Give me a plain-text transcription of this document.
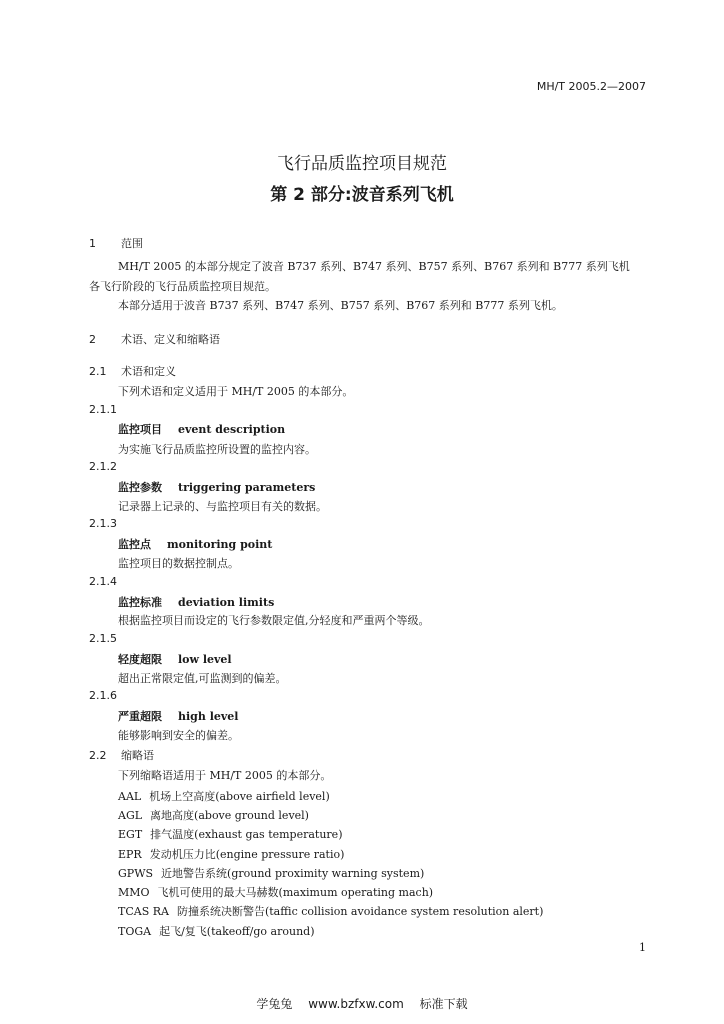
MH/T 2005.2—2007
飞行品质监控项目规范
第 2 部分:波音系列飞机
1 范围
MH/T 2005 的本部分规定了波音 B737 系列、B747 系列、B757 系列、B767 系列和 B777 系列飞机
各飞行阶段的飞行品质监控项目规范。
本部分适用于波音 B737 系列、B747 系列、B757 系列、B767 系列和 B777 系列飞机。
2 术语、定义和缩略语
2.1 术语和定义
下列术语和定义适用于 MH/T 2005 的本部分。
2.1.1
监控项目 event description
为实施飞行品质监控所设置的监控内容。
2.1.2
监控参数 triggering parameters
记录器上记录的、与监控项目有关的数据。
2.1.3
监控点 monitoring point
监控项目的数据控制点。
2.1.4
监控标准 deviation limits
根据监控项目而设定的飞行参数限定值,分轻度和严重两个等级。
2.1.5
轻度超限 low level
超出正常限定值,可监测到的偏差。
2.1.6
严重超限 high level
能够影响到安全的偏差。
2.2 缩略语
下列缩略语适用于 MH/T 2005 的本部分。
AAL 机场上空高度(above airfield level)
AGL 离地高度(above ground level)
EGT 排气温度(exhaust gas temperature)
EPR 发动机压力比(engine pressure ratio)
GPWS 近地警告系统(ground proximity warning system)
MMO 飞机可使用的最大马赫数(maximum operating mach)
TCAS RA 防撞系统决断警告(taffic collision avoidance system resolution alert)
TOGA 起飞/复飞(takeoff/go around)
1
学兔兔 www.bzfxw.com 标准下载
